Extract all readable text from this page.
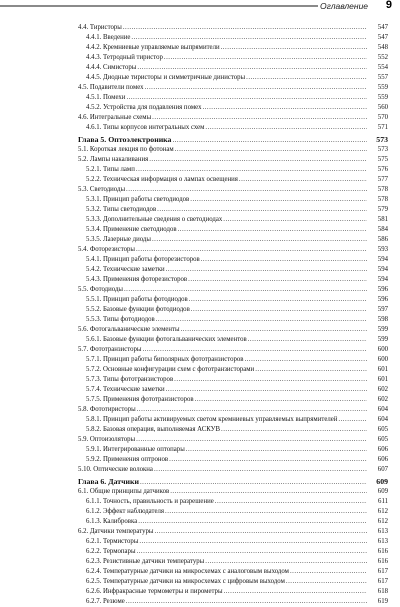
Оглавление	9
4.4. Тиристоры .....	547
4.4.1. Введение .....	547
4.4.2. Кремниевые управляемые выпрямители .....	548
4.4.3. Тетродный тиристор .....	552
4.4.4. Симисторы .....	554
4.4.5. Диодные тиристоры и симметричные динисторы .....	557
4.5. Подавители помех .....	559
4.5.1. Помехи .....	559
4.5.2. Устройства для подавления помех .....	560
4.6. Интегральные схемы .....	570
4.6.1. Типы корпусов интегральных схем .....	571
Глава 5. Оптоэлектроника .....	573
5.1. Короткая лекция по фотонам .....	573
5.2. Лампы накаливания .....	575
5.2.1. Типы ламп .....	576
5.2.2. Техническая информация о лампах освещения .....	577
5.3. Светодиоды .....	578
5.3.1. Принцип работы светодиодов .....	578
5.3.2. Типы светодиодов .....	579
5.3.3. Дополнительные сведения о светодиодах .....	581
5.3.4. Применение светодиодов .....	584
5.3.5. Лазерные диоды .....	586
5.4. Фоторезисторы .....	593
5.4.1. Принцип работы фоторезисторов .....	594
5.4.2. Технические заметки .....	594
5.4.3. Применения фоторезисторов .....	594
5.5. Фотодиоды .....	596
5.5.1. Принцип работы фотодиодов .....	596
5.5.2. Базовые функции фотодиодов .....	597
5.5.3. Типы фотодиодов .....	598
5.6. Фотогальванические элементы .....	599
5.6.1. Базовые функции фотогальванических элементов .....	599
5.7. Фототранзисторы .....	600
5.7.1. Принцип работы биполярных фототранзисторов .....	600
5.7.2. Основные конфигурации схем с фототранзисторами .....	601
5.7.3. Типы фототранзисторов .....	601
5.7.4. Технические заметки .....	602
5.7.5. Применения фототранзисторов .....	602
5.8. Фототиристоры .....	604
5.8.1. Принцип работы активируемых светом кремниевых управляемых выпрямителей .....	604
5.8.2. Базовая операция, выполняемая АСКУВ .....	605
5.9. Оптоизоляторы .....	605
5.9.1. Интегрированные оптопары .....	606
5.9.2. Применения оптронов .....	606
5.10. Оптические волокна .....	607
Глава 6. Датчики .....	609
6.1. Общие принципы датчиков .....	609
6.1.1. Точность, правильность и разрешение .....	611
6.1.2. Эффект наблюдателя .....	612
6.1.3. Калибровка .....	612
6.2. Датчики температуры .....	613
6.2.1. Термисторы .....	613
6.2.2. Термопары .....	616
6.2.3. Резистивные датчики температуры .....	616
6.2.4. Температурные датчики на микросхемах с аналоговым выходом .....	617
6.2.5. Температурные датчики на микросхемах с цифровым выходом .....	617
6.2.6. Инфракрасные термометры и пирометры .....	618
6.2.7. Резюме .....	619
